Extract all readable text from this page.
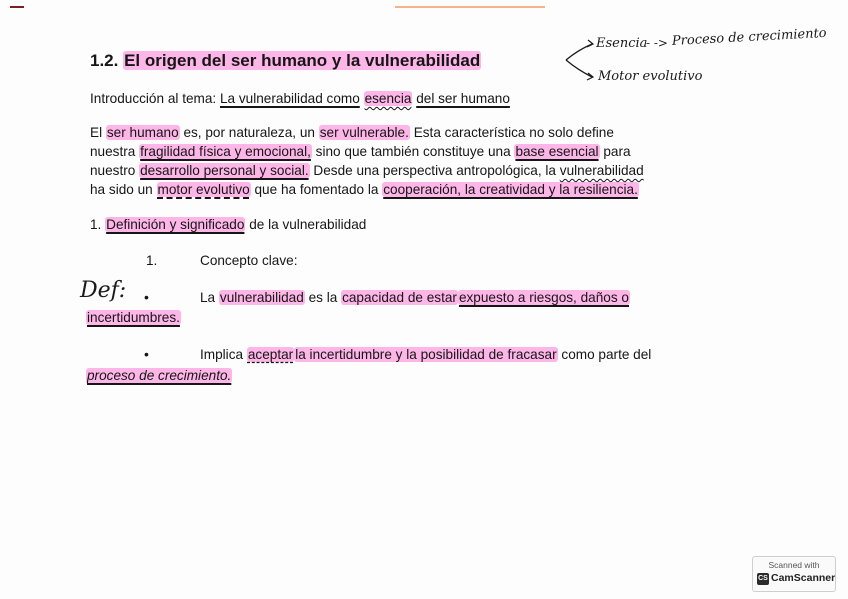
1.2. El origen del ser humano y la vulnerabilidad
Esencia
- -> Proceso de crecimiento
Motor evolutivo
Introducción al tema: La vulnerabilidad como esencia del ser humano
El ser humano es, por naturaleza, un ser vulnerable. Esta característica no solo define
nuestra fragilidad física y emocional, sino que también constituye una base esencial para
nuestro desarrollo personal y social. Desde una perspectiva antropológica, la vulnerabilidad
ha sido un motor evolutivo que ha fomentado la cooperación, la creatividad y la resiliencia.
1. Definición y significado de la vulnerabilidad
1.	Concepto clave:
Def: •	La vulnerabilidad es la capacidad de estar expuesto a riesgos, daños o
incertidumbres.
•	Implica aceptar la incertidumbre y la posibilidad de fracasar como parte del
proceso de crecimiento.
Scanned with
CS CamScanner
